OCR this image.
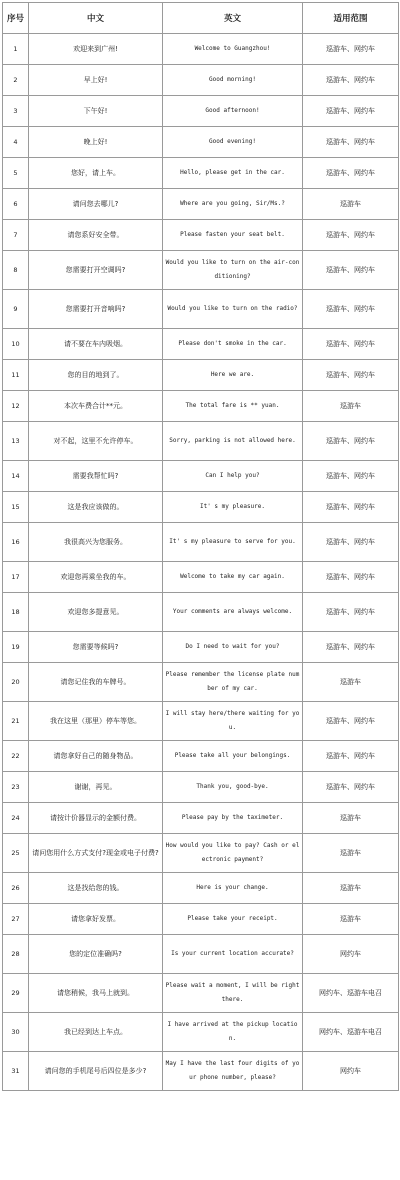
序号	中文	英文	适用范围
1	欢迎来到广州!	Welcome to Guangzhou!	巡游车、网约车
2	早上好!	Good morning!	巡游车、网约车
3	下午好!	Good afternoon!	巡游车、网约车
4	晚上好!	Good evening!	巡游车、网约车
5	您好，请上车。	Hello, please get in the car.	巡游车、网约车
6	请问您去哪儿?	Where are you going, Sir/Ms.?	巡游车
7	请您系好安全带。	Please fasten your seat belt.	巡游车、网约车
8	您需要打开空调吗?	Would you like to turn on the air-conditioning?	巡游车、网约车
9	您需要打开音响吗?	Would you like to turn on the radio?	巡游车、网约车
10	请不要在车内吸烟。	Please don't smoke in the car.	巡游车、网约车
11	您的目的地到了。	Here we are.	巡游车、网约车
12	本次车费合计**元。	The total fare is ** yuan.	巡游车
13	对不起，这里不允许停车。	Sorry, parking is not allowed here.	巡游车、网约车
14	需要我帮忙吗?	Can I help you?	巡游车、网约车
15	这是我应该做的。	It' s my pleasure.	巡游车、网约车
16	我很高兴为您服务。	It' s my pleasure to serve for you.	巡游车、网约车
17	欢迎您再乘坐我的车。	Welcome to take my car again.	巡游车、网约车
18	欢迎您多提意见。	Your comments are always welcome.	巡游车、网约车
19	您需要等候吗?	Do I need to wait for you?	巡游车、网约车
20	请您记住我的车牌号。	Please remember the license plate number of my car.	巡游车
21	我在这里（那里）停车等您。	I will stay here/there waiting for you.	巡游车、网约车
22	请您拿好自己的随身物品。	Please take all your belongings.	巡游车、网约车
23	谢谢，再见。	Thank you, good-bye.	巡游车、网约车
24	请按计价器显示的金额付费。	Please pay by the taximeter.	巡游车
25	请问您用什么方式支付?现金或电子付费?	How would you like to pay? Cash or electronic payment?	巡游车
26	这是找给您的钱。	Here is your change.	巡游车
27	请您拿好发票。	Please take your receipt.	巡游车
28	您的定位准确吗?	Is your current location accurate?	网约车
29	请您稍候，我马上就到。	Please wait a moment, I will be right there.	网约车、巡游车电召
30	我已经到达上车点。	I have arrived at the pickup location.	网约车、巡游车电召
31	请问您的手机尾号后四位是多少?	May I have the last four digits of your phone number, please?	网约车
